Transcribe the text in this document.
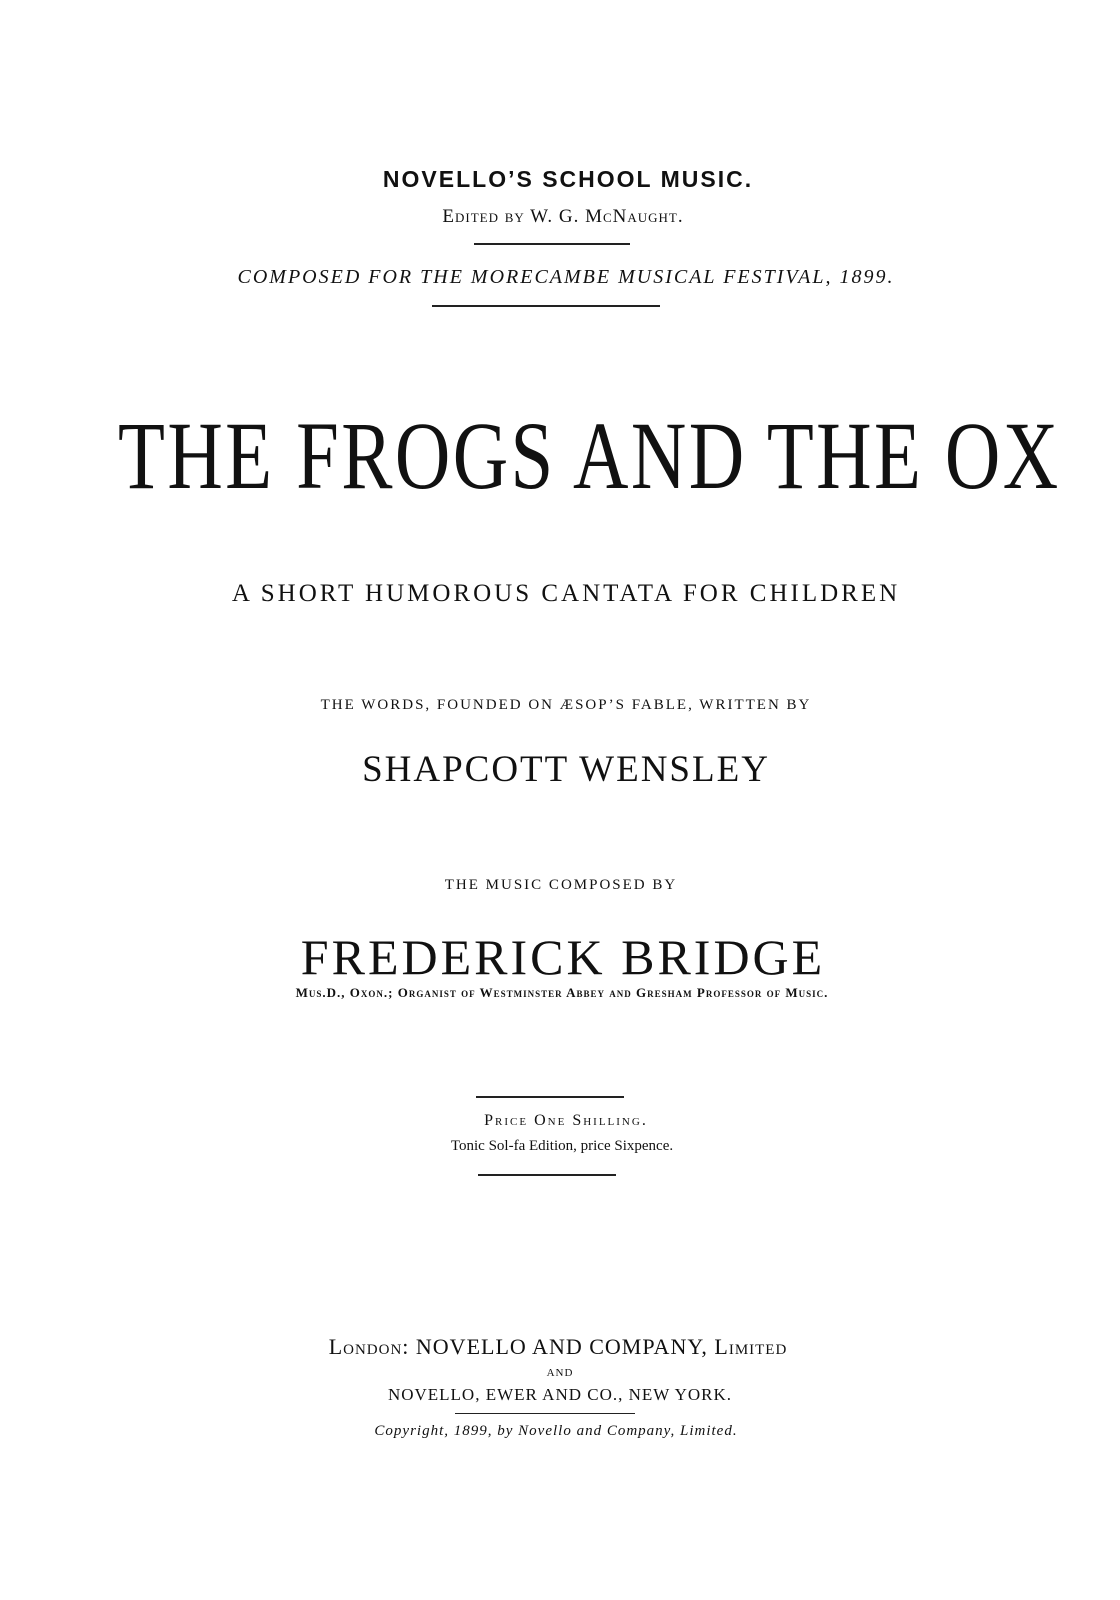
NOVELLO’S SCHOOL MUSIC.
Edited by W. G. McNaught.
COMPOSED FOR THE MORECAMBE MUSICAL FESTIVAL, 1899.
THE FROGS AND THE OX
A SHORT HUMOROUS CANTATA FOR CHILDREN
THE WORDS, FOUNDED ON ÆSOP’S FABLE, WRITTEN BY
SHAPCOTT WENSLEY
THE MUSIC COMPOSED BY
FREDERICK BRIDGE
Mus.D., Oxon.; Organist of Westminster Abbey and Gresham Professor of Music.
Price One Shilling.
Tonic Sol-fa Edition, price Sixpence.
London: NOVELLO AND COMPANY, Limited
AND
NOVELLO, EWER AND CO., NEW YORK.
Copyright, 1899, by Novello and Company, Limited.
